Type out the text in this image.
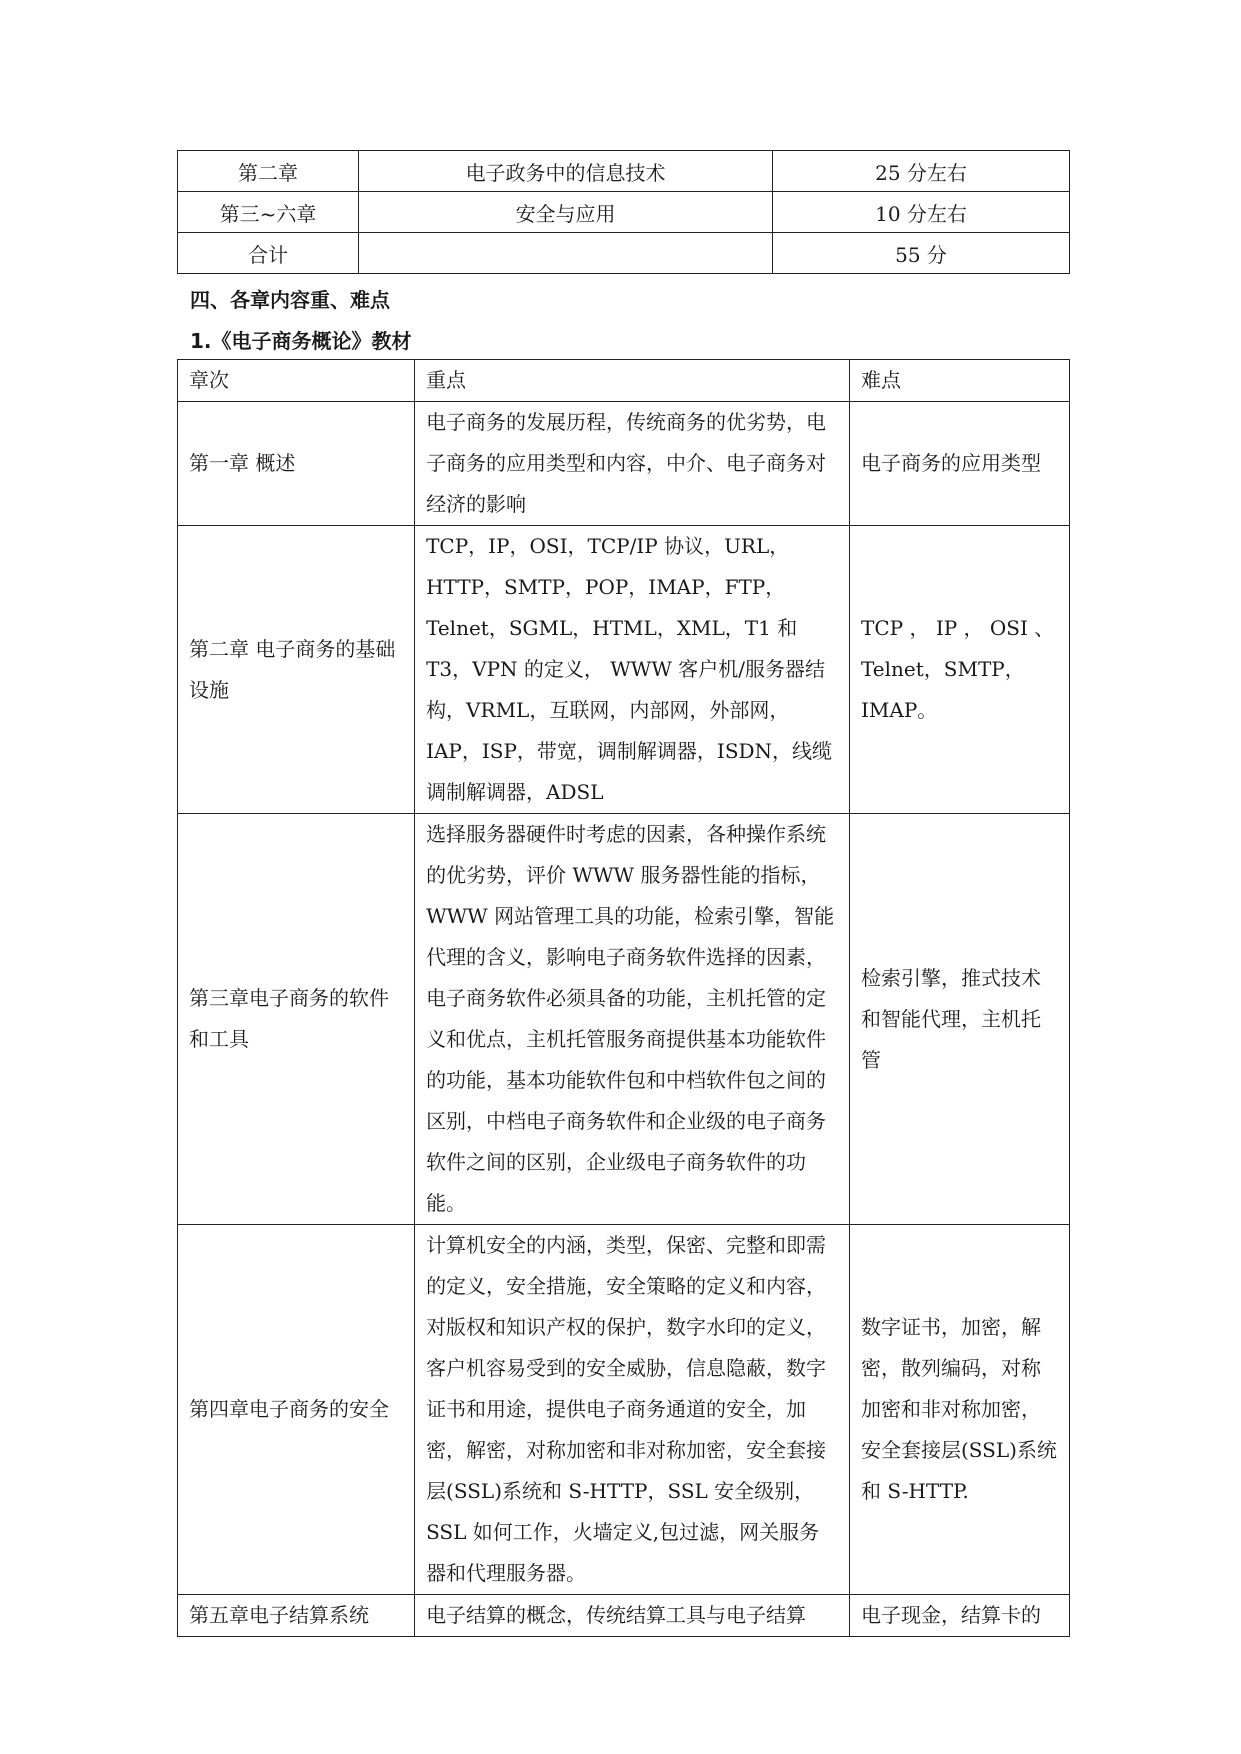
第二章	电子政务中的信息技术	25 分左右
第三~六章	安全与应用	10 分左右
合计		55 分
四、各章内容重、难点
1.《电子商务概论》教材
章次	重点	难点
第一章 概述	电子商务的发展历程，传统商务的优劣势，电子商务的应用类型和内容，中介、电子商务对经济的影响	电子商务的应用类型
第二章 电子商务的基础设施	TCP，IP，OSI，TCP/IP 协议，URL，HTTP，SMTP，POP，IMAP，FTP，Telnet，SGML，HTML，XML，T1 和 T3，VPN 的定义， WWW 客户机/服务器结构，VRML，互联网，内部网，外部网，IAP，ISP，带宽，调制解调器，ISDN，线缆调制解调器，ADSL	TCP ， IP ， OSI 、Telnet，SMTP，IMAP。
第三章电子商务的软件和工具	选择服务器硬件时考虑的因素，各种操作系统的优劣势，评价 WWW 服务器性能的指标，WWW 网站管理工具的功能，检索引擎，智能代理的含义，影响电子商务软件选择的因素，电子商务软件必须具备的功能，主机托管的定义和优点，主机托管服务商提供基本功能软件的功能，基本功能软件包和中档软件包之间的区别，中档电子商务软件和企业级的电子商务软件之间的区别，企业级电子商务软件的功能。	检索引擎，推式技术和智能代理，主机托管
第四章电子商务的安全	计算机安全的内涵，类型，保密、完整和即需的定义，安全措施，安全策略的定义和内容，对版权和知识产权的保护，数字水印的定义，客户机容易受到的安全威胁，信息隐蔽，数字证书和用途，提供电子商务通道的安全，加密，解密，对称加密和非对称加密，安全套接层(SSL)系统和 S-HTTP，SSL 安全级别，SSL 如何工作，火墙定义,包过滤，网关服务器和代理服务器。	数字证书，加密，解密，散列编码，对称加密和非对称加密，安全套接层(SSL)系统和 S-HTTP.
第五章电子结算系统	电子结算的概念，传统结算工具与电子结算	电子现金，结算卡的
